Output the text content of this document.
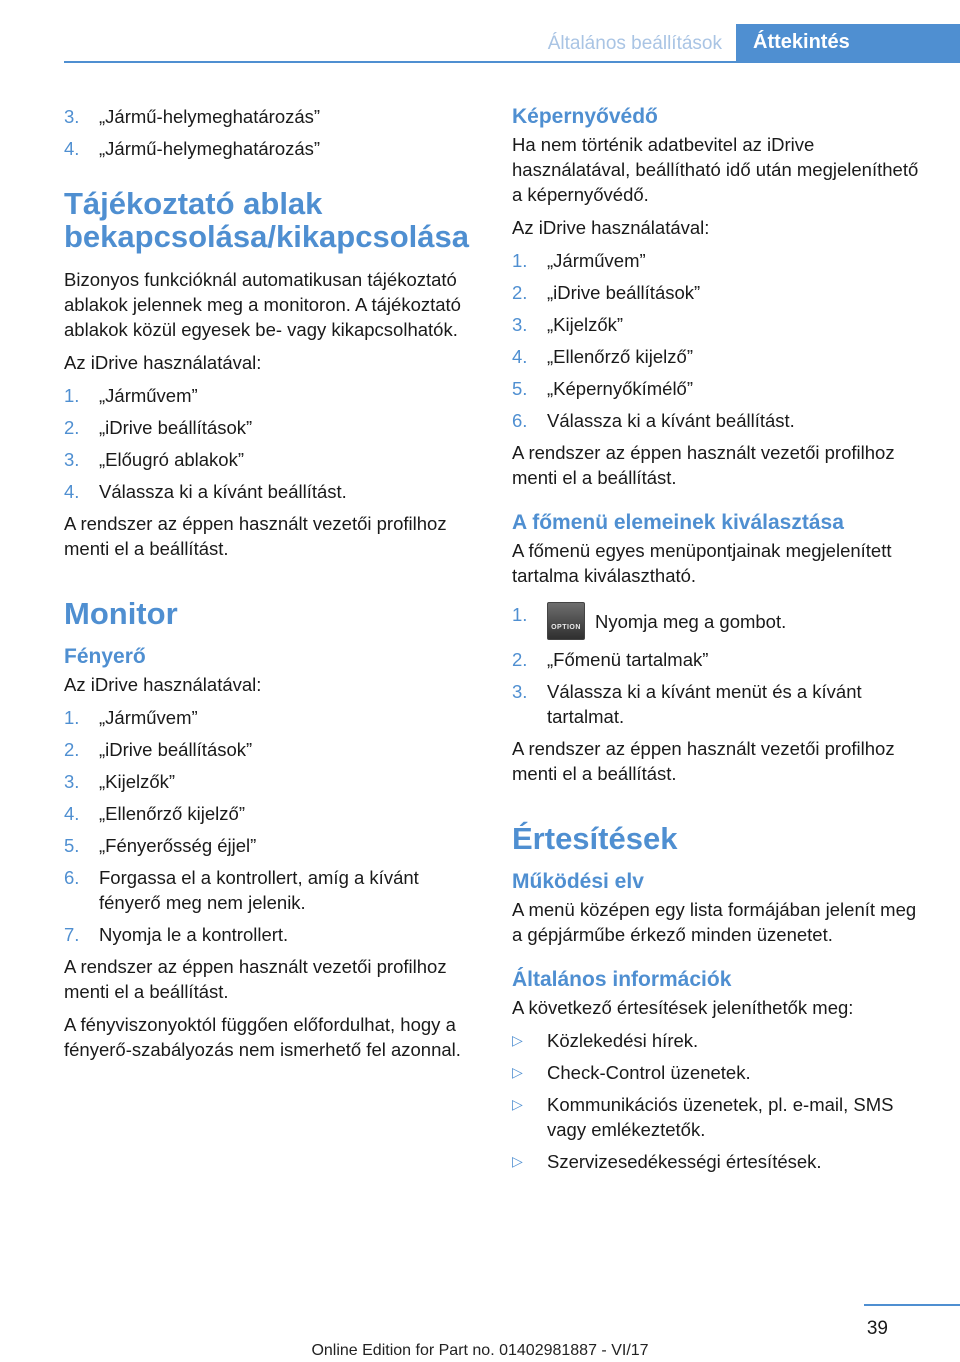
Általános beállítások	Áttekintés
3.	„Jármű-helymeghatározás”
4.	„Jármű-helymeghatározás”
Tájékoztató ablak bekapcsolása/kikapcsolása

Bizonyos funkcióknál automatikusan tájékoztató ablakok jelennek meg a monitoron. A tájékoztató ablakok közül egyesek be- vagy kikapcsolhatók.

Az iDrive használatával:

1.	„Járművem”
2.	„iDrive beállítások”
3.	„Előugró ablakok”
4.	Válassza ki a kívánt beállítást.

A rendszer az éppen használt vezetői profilhoz menti el a beállítást.

Monitor
Fényerő

Az iDrive használatával:

1.	„Járművem”
2.	„iDrive beállítások”
3.	„Kijelzők”
4.	„Ellenőrző kijelző”
5.	„Fényerősség éjjel”
6.	Forgassa el a kontrollert, amíg a kívánt fényerő meg nem jelenik.
7.	Nyomja le a kontrollert.

A rendszer az éppen használt vezetői profilhoz menti el a beállítást.

A fényviszonyoktól függően előfordulhat, hogy a fényerő-szabályozás nem ismerhető fel azonnal.

Képernyővédő

Ha nem történik adatbevitel az iDrive használatával, beállítható idő után megjeleníthető a képernyővédő.

Az iDrive használatával:

1.	„Járművem”
2.	„iDrive beállítások”
3.	„Kijelzők”
4.	„Ellenőrző kijelző”
5.	„Képernyőkímélő”
6.	Válassza ki a kívánt beállítást.

A rendszer az éppen használt vezetői profilhoz menti el a beállítást.

A főmenü elemeinek kiválasztása

A főmenü egyes menüpontjainak megjelenített tartalma kiválasztható.

1.
OPTION Nyomja meg a gombot.
2.	„Főmenü tartalmak”
3.	Válassza ki a kívánt menüt és a kívánt tartalmat.

A rendszer az éppen használt vezetői profilhoz menti el a beállítást.

Értesítések
Működési elv

A menü középen egy lista formájában jelenít meg a gépjárműbe érkező minden üzenetet.

Általános információk

A következő értesítések jeleníthetők meg:

▷	Közlekedési hírek.
▷	Check-Control üzenetek.
▷	Kommunikációs üzenetek, pl. e-mail, SMS vagy emlékeztetők.
▷	Szervizesedékességi értesítések.
39
Online Edition for Part no. 01402981887 - VI/17
